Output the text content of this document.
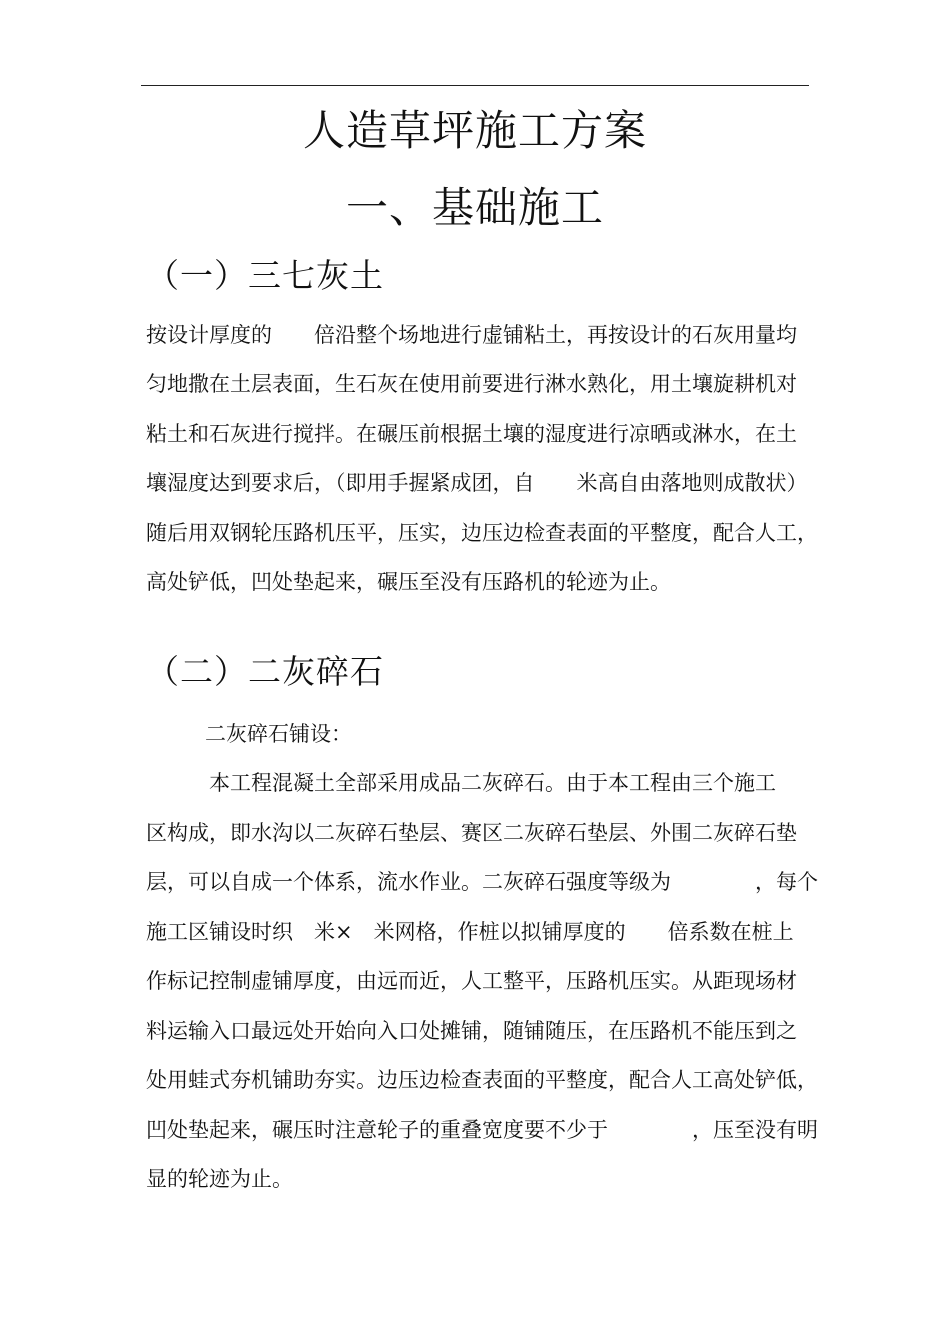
人造草坪施工方案
一、基础施工
（一）三七灰土
按设计厚度的　　倍沿整个场地进行虚铺粘土，再按设计的石灰用量均
匀地撒在土层表面，生石灰在使用前要进行淋水熟化，用土壤旋耕机对
粘土和石灰进行搅拌。在碾压前根据土壤的湿度进行凉晒或淋水，在土
壤湿度达到要求后，（即用手握紧成团，自　　米高自由落地则成散状）
随后用双钢轮压路机压平，压实，边压边检查表面的平整度，配合人工，
高处铲低，凹处垫起来，碾压至没有压路机的轮迹为止。
（二）二灰碎石
二灰碎石铺设：
　　　本工程混凝土全部采用成品二灰碎石。由于本工程由三个施工
区构成，即水沟以二灰碎石垫层、赛区二灰碎石垫层、外围二灰碎石垫
层，可以自成一个体系，流水作业。二灰碎石强度等级为　　　　，每个
施工区铺设时织　米×　米网格，作桩以拟铺厚度的　　倍系数在桩上
作标记控制虚铺厚度，由远而近，人工整平，压路机压实。从距现场材
料运输入口最远处开始向入口处摊铺，随铺随压，在压路机不能压到之
处用蛙式夯机铺助夯实。边压边检查表面的平整度，配合人工高处铲低，
凹处垫起来，碾压时注意轮子的重叠宽度要不少于　　　　，压至没有明
显的轮迹为止。
